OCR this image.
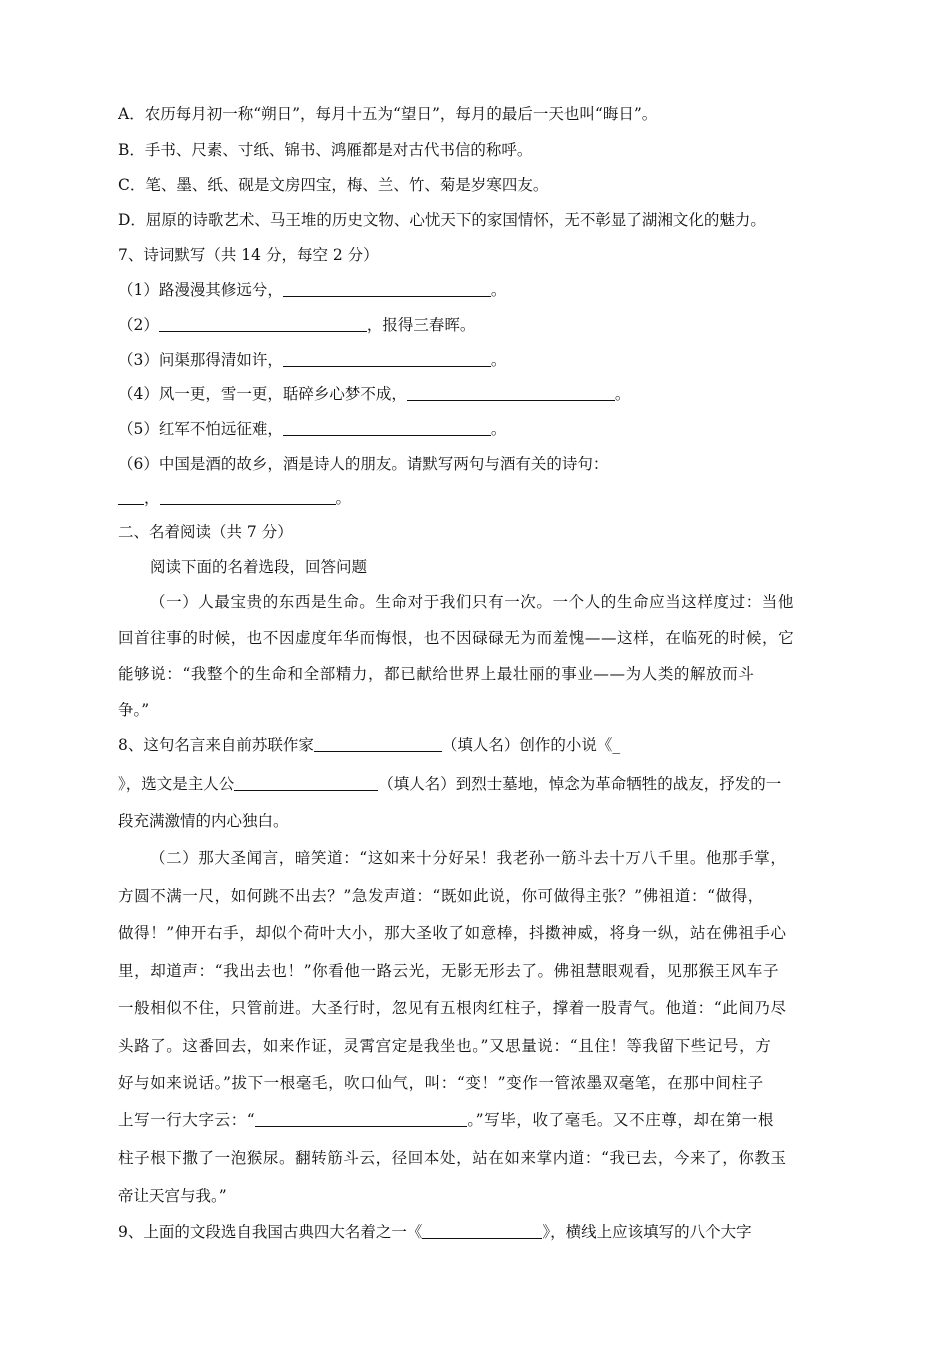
A．农历每月初一称“朔日”，每月十五为“望日”，每月的最后一天也叫“晦日”。
B．手书、尺素、寸纸、锦书、鸿雁都是对古代书信的称呼。
C．笔、墨、纸、砚是文房四宝，梅、兰、竹、菊是岁寒四友。
D．屈原的诗歌艺术、马王堆的历史文物、心忧天下的家国情怀，无不彰显了湖湘文化的魅力。
7、诗词默写（共 14 分，每空 2 分）
（1）路漫漫其修远兮，	。
（2）	，报得三春晖。
（3）问渠那得清如许，	。
（4）风一更，雪一更，聒碎乡心梦不成，	。
（5）红军不怕远征难，	。
（6）中国是酒的故乡，酒是诗人的朋友。请默写两句与酒有关的诗句：
，	。
二、名着阅读（共 7 分）
阅读下面的名着选段，回答问题
（一）人最宝贵的东西是生命。生命对于我们只有一次。一个人的生命应当这样度过：当他
回首往事的时候，也不因虚度年华而悔恨，也不因碌碌无为而羞愧——这样，在临死的时候，它
能够说：“我整个的生命和全部精力，都已献给世界上最壮丽的事业——为人类的解放而斗
争。”
8、这句名言来自前苏联作家	（填人名）创作的小说《_
》，选文是主人公	（填人名）到烈士墓地，悼念为革命牺牲的战友，抒发的一
段充满激情的内心独白。
（二）那大圣闻言，暗笑道：“这如来十分好呆！我老孙一筋斗去十万八千里。他那手掌，
方圆不满一尺，如何跳不出去？”急发声道：“既如此说，你可做得主张？”佛祖道：“做得，
做得！”伸开右手，却似个荷叶大小，那大圣收了如意棒，抖擞神威，将身一纵，站在佛祖手心
里，却道声：“我出去也！”你看他一路云光，无影无形去了。佛祖慧眼观看，见那猴王风车子
一般相似不住，只管前进。大圣行时，忽见有五根肉红柱子，撑着一股青气。他道：“此间乃尽
头路了。这番回去，如来作证，灵霄宫定是我坐也。”又思量说：“且住！等我留下些记号，方
好与如来说话。”拔下一根毫毛，吹口仙气，叫：“变！”变作一管浓墨双毫笔，在那中间柱子
上写一行大字云：“	。”写毕，收了毫毛。又不庄尊，却在第一根
柱子根下撒了一泡猴尿。翻转筋斗云，径回本处，站在如来掌内道：“我已去，今来了，你教玉
帝让天宫与我。”
9、上面的文段选自我国古典四大名着之一《	》，横线上应该填写的八个大字
